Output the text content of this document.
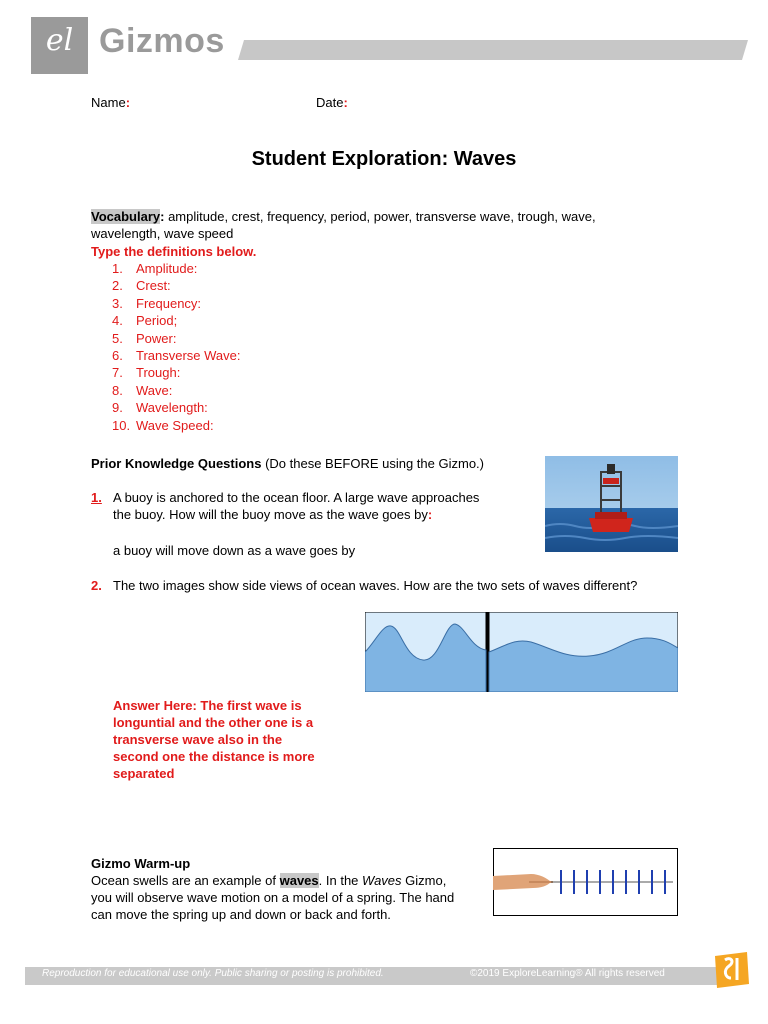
el Gizmos
Name:	Date:
Student Exploration: Waves
Vocabulary: amplitude, crest, frequency, period, power, transverse wave, trough, wave, wavelength, wave speed
Type the definitions below.
1. Amplitude:
2. Crest:
3. Frequency:
4. Period;
5. Power:
6. Transverse Wave:
7. Trough:
8. Wave:
9. Wavelength:
10. Wave Speed:
Prior Knowledge Questions (Do these BEFORE using the Gizmo.)
1. A buoy is anchored to the ocean floor. A large wave approaches
the buoy. How will the buoy move as the wave goes by:
a buoy will move down as a wave goes by
2. The two images show side views of ocean waves. How are the two sets of waves different?
Answer Here: The first wave is
longuntial and the other one is a
transverse wave also in the
second one the distance is more
separated
Gizmo Warm-up
Ocean swells are an example of waves. In the Waves Gizmo,
you will observe wave motion on a model of a spring. The hand
can move the spring up and down or back and forth.
Reproduction for educational use only. Public sharing or posting is prohibited.	©2019 ExploreLearning® All rights reserved
